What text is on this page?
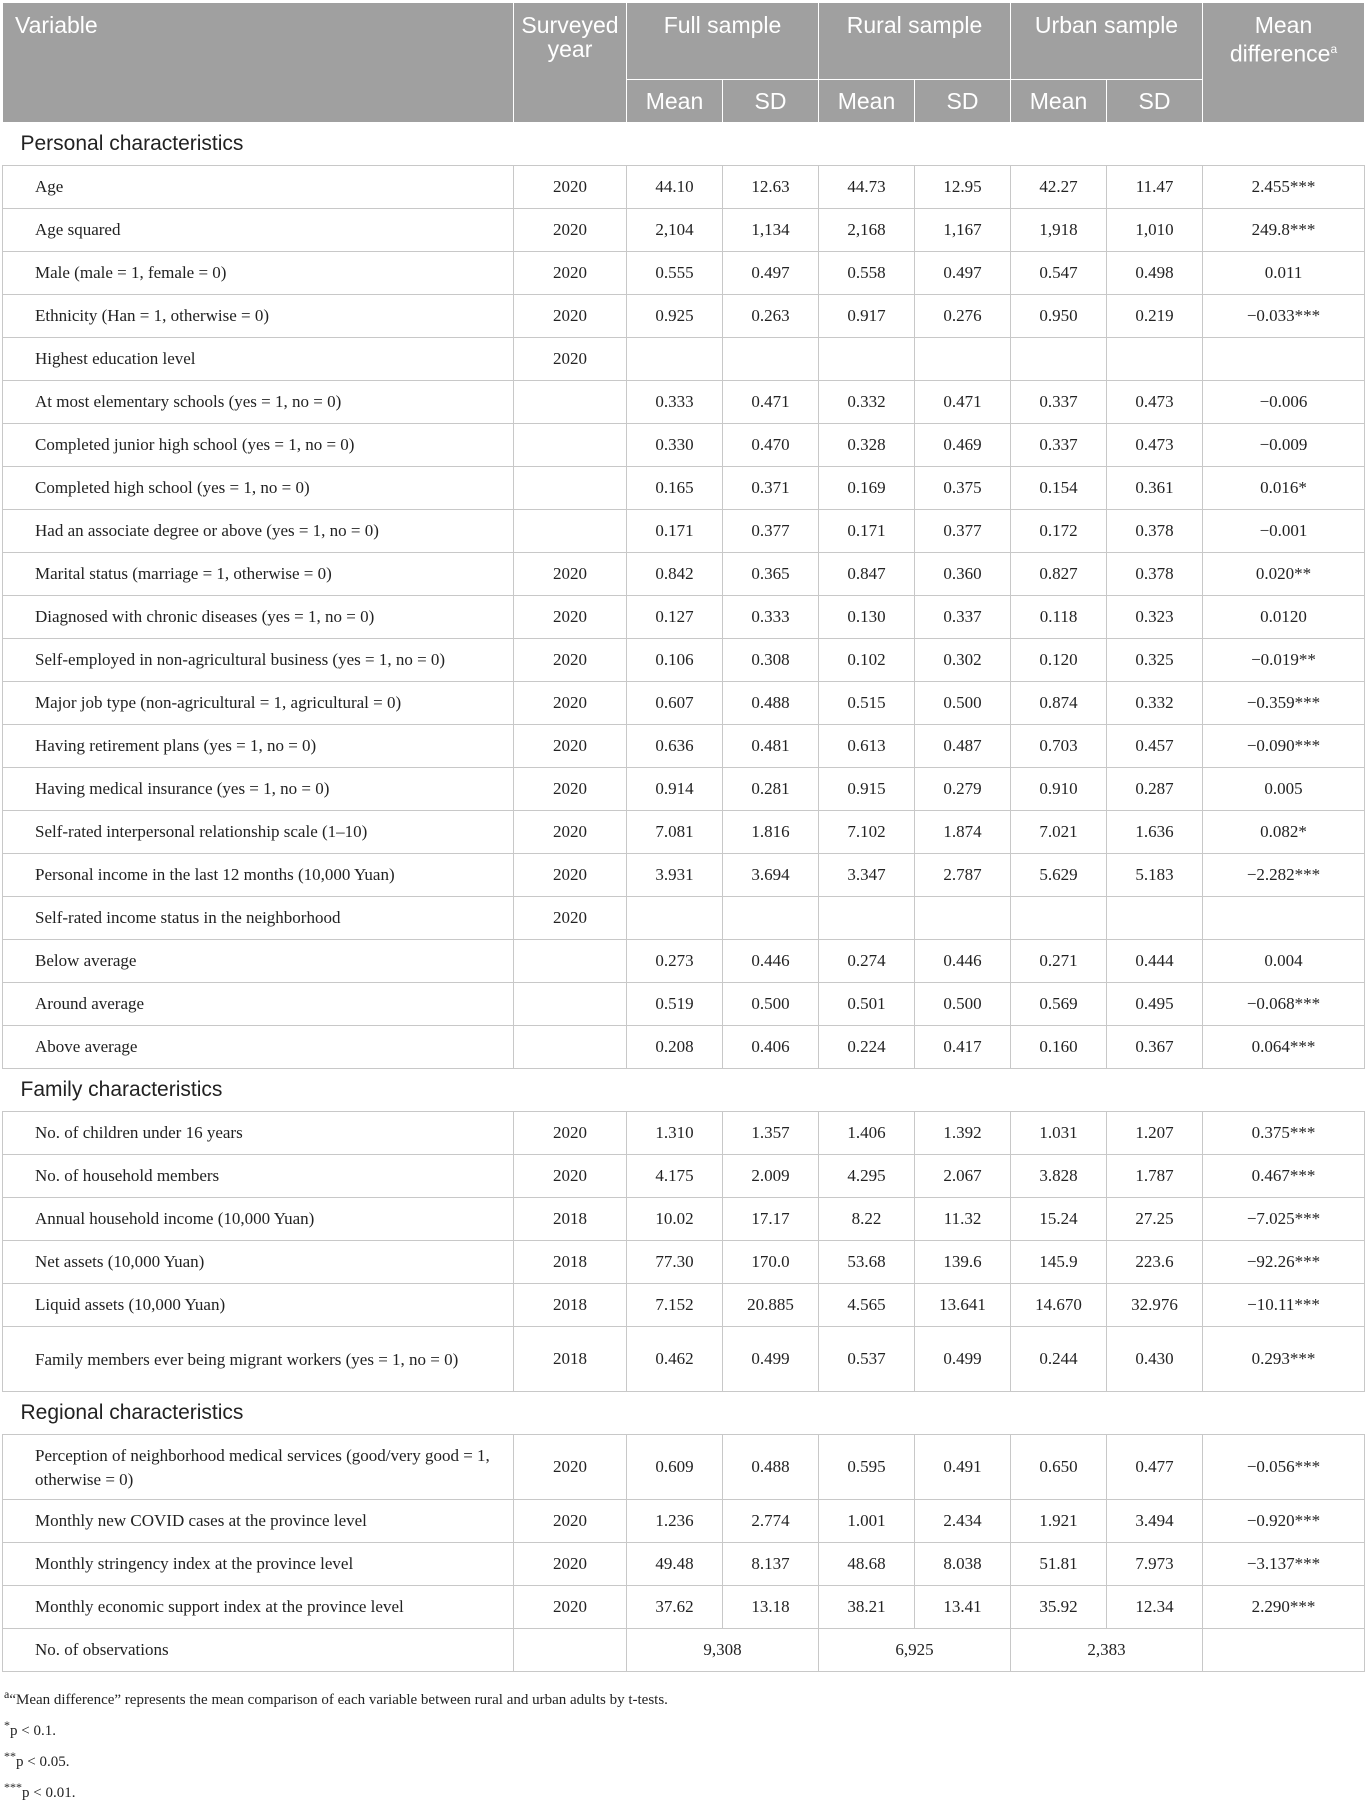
Variable	Surveyed year	Full sample		Rural sample		Urban sample		Mean difference$^a$
		Mean	SD	Mean	SD	Mean	SD	
Personal characteristics								
Age	2020	44.10	12.63	44.73	12.95	42.27	11.47	2.455***
Age squared	2020	2,104	1,134	2,168	1,167	1,918	1,010	249.8***
Male (male = 1, female = 0)	2020	0.555	0.497	0.558	0.497	0.547	0.498	0.011
Ethnicity (Han = 1, otherwise = 0)	2020	0.925	0.263	0.917	0.276	0.950	0.219	−0.033***
Highest education level	2020							
At most elementary schools (yes = 1, no = 0)		0.333	0.471	0.332	0.471	0.337	0.473	−0.006
Completed junior high school (yes = 1, no = 0)		0.330	0.470	0.328	0.469	0.337	0.473	−0.009
Completed high school (yes = 1, no = 0)		0.165	0.371	0.169	0.375	0.154	0.361	0.016*
Had an associate degree or above (yes = 1, no = 0)		0.171	0.377	0.171	0.377	0.172	0.378	−0.001
Marital status (marriage = 1, otherwise = 0)	2020	0.842	0.365	0.847	0.360	0.827	0.378	0.020**
Diagnosed with chronic diseases (yes = 1, no = 0)	2020	0.127	0.333	0.130	0.337	0.118	0.323	0.0120
Self-employed in non-agricultural business (yes = 1, no = 0)	2020	0.106	0.308	0.102	0.302	0.120	0.325	−0.019**
Major job type (non-agricultural = 1, agricultural = 0)	2020	0.607	0.488	0.515	0.500	0.874	0.332	−0.359***
Having retirement plans (yes = 1, no = 0)	2020	0.636	0.481	0.613	0.487	0.703	0.457	−0.090***
Having medical insurance (yes = 1, no = 0)	2020	0.914	0.281	0.915	0.279	0.910	0.287	0.005
Self-rated interpersonal relationship scale (1–10)	2020	7.081	1.816	7.102	1.874	7.021	1.636	0.082*
Personal income in the last 12 months (10,000 Yuan)	2020	3.931	3.694	3.347	2.787	5.629	5.183	−2.282***
Self-rated income status in the neighborhood	2020							
Below average		0.273	0.446	0.274	0.446	0.271	0.444	0.004
Around average		0.519	0.500	0.501	0.500	0.569	0.495	−0.068***
Above average		0.208	0.406	0.224	0.417	0.160	0.367	0.064***
Family characteristics								
No. of children under 16 years	2020	1.310	1.357	1.406	1.392	1.031	1.207	0.375***
No. of household members	2020	4.175	2.009	4.295	2.067	3.828	1.787	0.467***
Annual household income (10,000 Yuan)	2018	10.02	17.17	8.22	11.32	15.24	27.25	−7.025***
Net assets (10,000 Yuan)	2018	77.30	170.0	53.68	139.6	145.9	223.6	−92.26***
Liquid assets (10,000 Yuan)	2018	7.152	20.885	4.565	13.641	14.670	32.976	−10.11***
Family members ever being migrant workers (yes = 1, no = 0)	2018	0.462	0.499	0.537	0.499	0.244	0.430	0.293***
Regional characteristics								
Perception of neighborhood medical services (good/very good = 1, otherwise = 0)	2020	0.609	0.488	0.595	0.491	0.650	0.477	−0.056***
Monthly new COVID cases at the province level	2020	1.236	2.774	1.001	2.434	1.921	3.494	−0.920***
Monthly stringency index at the province level	2020	49.48	8.137	48.68	8.038	51.81	7.973	−3.137***
Monthly economic support index at the province level	2020	37.62	13.18	38.21	13.41	35.92	12.34	2.290***
No. of observations		9,308		6,925		2,383		
$^a$“Mean difference” represents the mean comparison of each variable between rural and urban adults by t-tests.
*p < 0.1.
**p < 0.05.
***p < 0.01.
